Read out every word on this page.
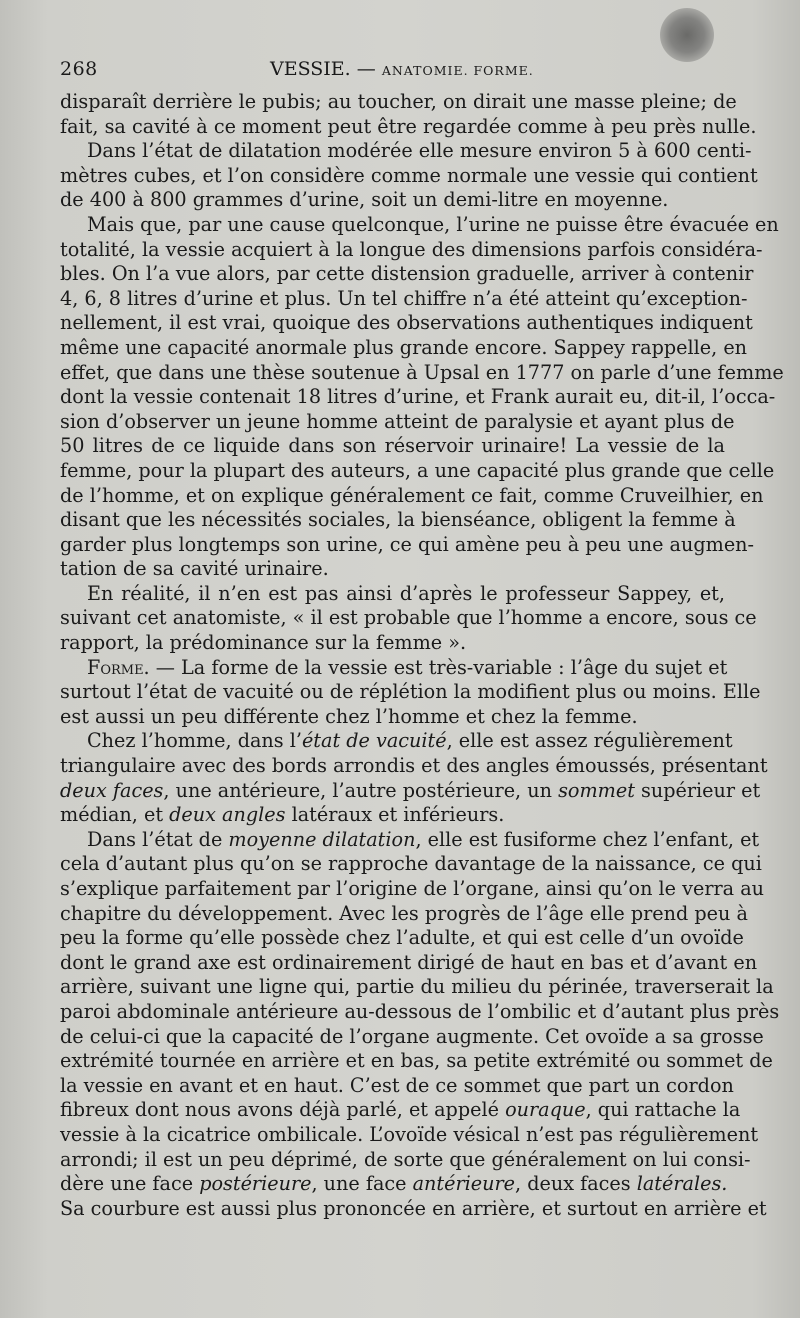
268	VESSIE. — ANATOMIE. FORME.
disparaît derrière le pubis; au toucher, on dirait une masse pleine; de
fait, sa cavité à ce moment peut être regardée comme à peu près nulle.
Dans l’état de dilatation modérée elle mesure environ 5 à 600 centi-
mètres cubes, et l’on considère comme normale une vessie qui contient
de 400 à 800 grammes d’urine, soit un demi-litre en moyenne.
Mais que, par une cause quelconque, l’urine ne puisse être évacuée en
totalité, la vessie acquiert à la longue des dimensions parfois considéra-
bles. On l’a vue alors, par cette distension graduelle, arriver à contenir
4, 6, 8 litres d’urine et plus. Un tel chiffre n’a été atteint qu’exception-
nellement, il est vrai, quoique des observations authentiques indiquent
même une capacité anormale plus grande encore. Sappey rappelle, en
effet, que dans une thèse soutenue à Upsal en 1777 on parle d’une femme
dont la vessie contenait 18 litres d’urine, et Frank aurait eu, dit-il, l’occa-
sion d’observer un jeune homme atteint de paralysie et ayant plus de
50 litres de ce liquide dans son réservoir urinaire! La vessie de la
femme, pour la plupart des auteurs, a une capacité plus grande que celle
de l’homme, et on explique généralement ce fait, comme Cruveilhier, en
disant que les nécessités sociales, la bienséance, obligent la femme à
garder plus longtemps son urine, ce qui amène peu à peu une augmen-
tation de sa cavité urinaire.
En réalité, il n’en est pas ainsi d’après le professeur Sappey, et,
suivant cet anatomiste, « il est probable que l’homme a encore, sous ce
rapport, la prédominance sur la femme ».
Forme. — La forme de la vessie est très-variable : l’âge du sujet et
surtout l’état de vacuité ou de réplétion la modifient plus ou moins. Elle
est aussi un peu différente chez l’homme et chez la femme.
Chez l’homme, dans l’état de vacuité, elle est assez régulièrement
triangulaire avec des bords arrondis et des angles émoussés, présentant
deux faces, une antérieure, l’autre postérieure, un sommet supérieur et
médian, et deux angles latéraux et inférieurs.
Dans l’état de moyenne dilatation, elle est fusiforme chez l’enfant, et
cela d’autant plus qu’on se rapproche davantage de la naissance, ce qui
s’explique parfaitement par l’origine de l’organe, ainsi qu’on le verra au
chapitre du développement. Avec les progrès de l’âge elle prend peu à
peu la forme qu’elle possède chez l’adulte, et qui est celle d’un ovoïde
dont le grand axe est ordinairement dirigé de haut en bas et d’avant en
arrière, suivant une ligne qui, partie du milieu du périnée, traverserait la
paroi abdominale antérieure au-dessous de l’ombilic et d’autant plus près
de celui-ci que la capacité de l’organe augmente. Cet ovoïde a sa grosse
extrémité tournée en arrière et en bas, sa petite extrémité ou sommet de
la vessie en avant et en haut. C’est de ce sommet que part un cordon
fibreux dont nous avons déjà parlé, et appelé ouraque, qui rattache la
vessie à la cicatrice ombilicale. L’ovoïde vésical n’est pas régulièrement
arrondi; il est un peu déprimé, de sorte que généralement on lui consi-
dère une face postérieure, une face antérieure, deux faces latérales.
Sa courbure est aussi plus prononcée en arrière, et surtout en arrière et
